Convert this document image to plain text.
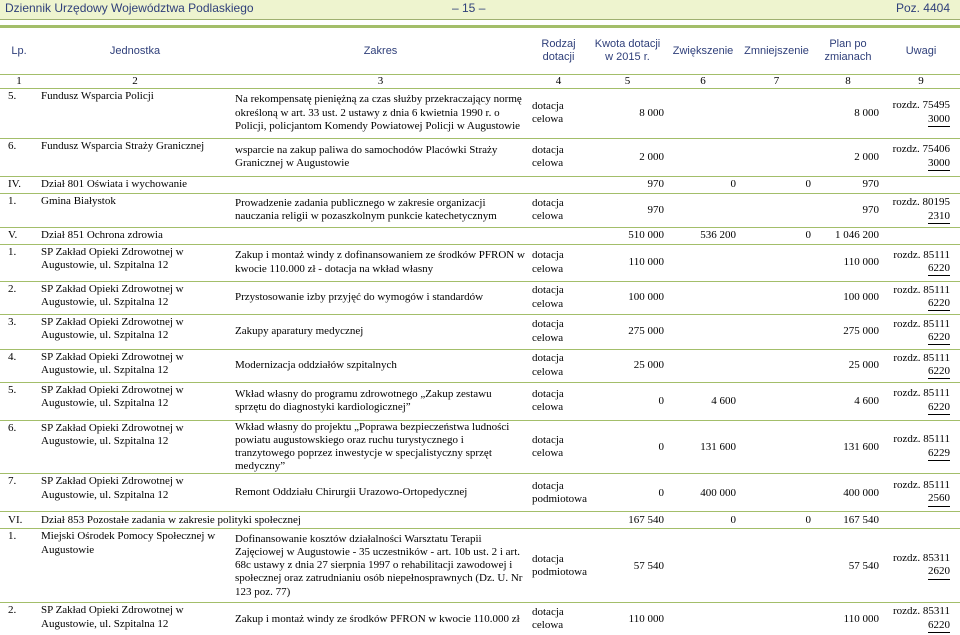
Dziennik Urzędowy Województwa Podlaskiego	– 15 –	Poz. 4404
Lp.	Jednostka	Zakres	Rodzaj dotacji	Kwota dotacji w 2015 r.	Zwiększenie	Zmniejszenie	Plan po zmianach	Uwagi
1	2	3	4	5	6	7	8	9
5.	Fundusz Wsparcia Policji	Na rekompensatę pieniężną za czas służby przekraczający normę określoną w art. 33 ust. 2 ustawy z dnia 6 kwietnia 1990 r. o Policji, policjantom Komendy Powiatowej Policji w Augustowie	dotacja celowa	8 000			8 000	rozdz. 75495
3000

6.	Fundusz Wsparcia Straży Granicznej	wsparcie na zakup paliwa do samochodów Placówki Straży Granicznej w Augustowie	dotacja celowa	2 000			2 000	rozdz. 75406
3000

IV.	Dział 801 Oświata i wychowanie			970	0	0	970	
1.	Gmina Białystok	Prowadzenie zadania publicznego w zakresie organizacji nauczania religii w pozaszkolnym punkcie katechetycznym	dotacja celowa	970			970	rozdz. 80195
2310

V.	Dział 851 Ochrona zdrowia			510 000	536 200	0	1 046 200	
1.	SP Zakład Opieki Zdrowotnej w Augustowie, ul. Szpitalna 12	Zakup i montaż windy z dofinansowaniem ze środków PFRON w kwocie 110.000 zł - dotacja na wkład własny	dotacja celowa	110 000			110 000	rozdz. 85111
6220

2.	SP Zakład Opieki Zdrowotnej w Augustowie, ul. Szpitalna 12	Przystosowanie izby przyjęć do wymogów i standardów	dotacja celowa	100 000			100 000	rozdz. 85111
6220

3.	SP Zakład Opieki Zdrowotnej w Augustowie, ul. Szpitalna 12	Zakupy aparatury medycznej	dotacja celowa	275 000			275 000	rozdz. 85111
6220

4.	SP Zakład Opieki Zdrowotnej w Augustowie, ul. Szpitalna 12	Modernizacja oddziałów szpitalnych	dotacja celowa	25 000			25 000	rozdz. 85111
6220

5.	SP Zakład Opieki Zdrowotnej w Augustowie, ul. Szpitalna 12	Wkład własny do programu zdrowotnego „Zakup zestawu sprzętu do diagnostyki kardiologicznej”	dotacja celowa	0	4 600		4 600	rozdz. 85111
6220

6.	SP Zakład Opieki Zdrowotnej w Augustowie, ul. Szpitalna 12	Wkład własny do projektu „Poprawa bezpieczeństwa ludności powiatu augustowskiego oraz ruchu turystycznego i tranzytowego poprzez inwestycje w specjalistyczny sprzęt medyczny”	dotacja celowa	0	131 600		131 600	rozdz. 85111
6229

7.	SP Zakład Opieki Zdrowotnej w Augustowie, ul. Szpitalna 12	Remont Oddziału Chirurgii Urazowo-Ortopedycznej	dotacja podmiotowa	0	400 000		400 000	rozdz. 85111
2560

VI.	Dział 853 Pozostałe zadania w zakresie polityki społecznej			167 540	0	0	167 540	
1.	Miejski Ośrodek Pomocy Społecznej w Augustowie	Dofinansowanie kosztów działalności Warsztatu Terapii Zajęciowej w Augustowie - 35 uczestników - art. 10b ust. 2 i art. 68c ustawy z dnia 27 sierpnia 1997 o rehabilitacji zawodowej i społecznej oraz zatrudnianiu osób niepełnosprawnych (Dz. U. Nr 123 poz. 77)	dotacja podmiotowa	57 540			57 540	rozdz. 85311
2620

2.	SP Zakład Opieki Zdrowotnej w Augustowie, ul. Szpitalna 12	Zakup i montaż windy ze środków PFRON w kwocie 110.000 zł	dotacja celowa	110 000			110 000	rozdz. 85311
6220
